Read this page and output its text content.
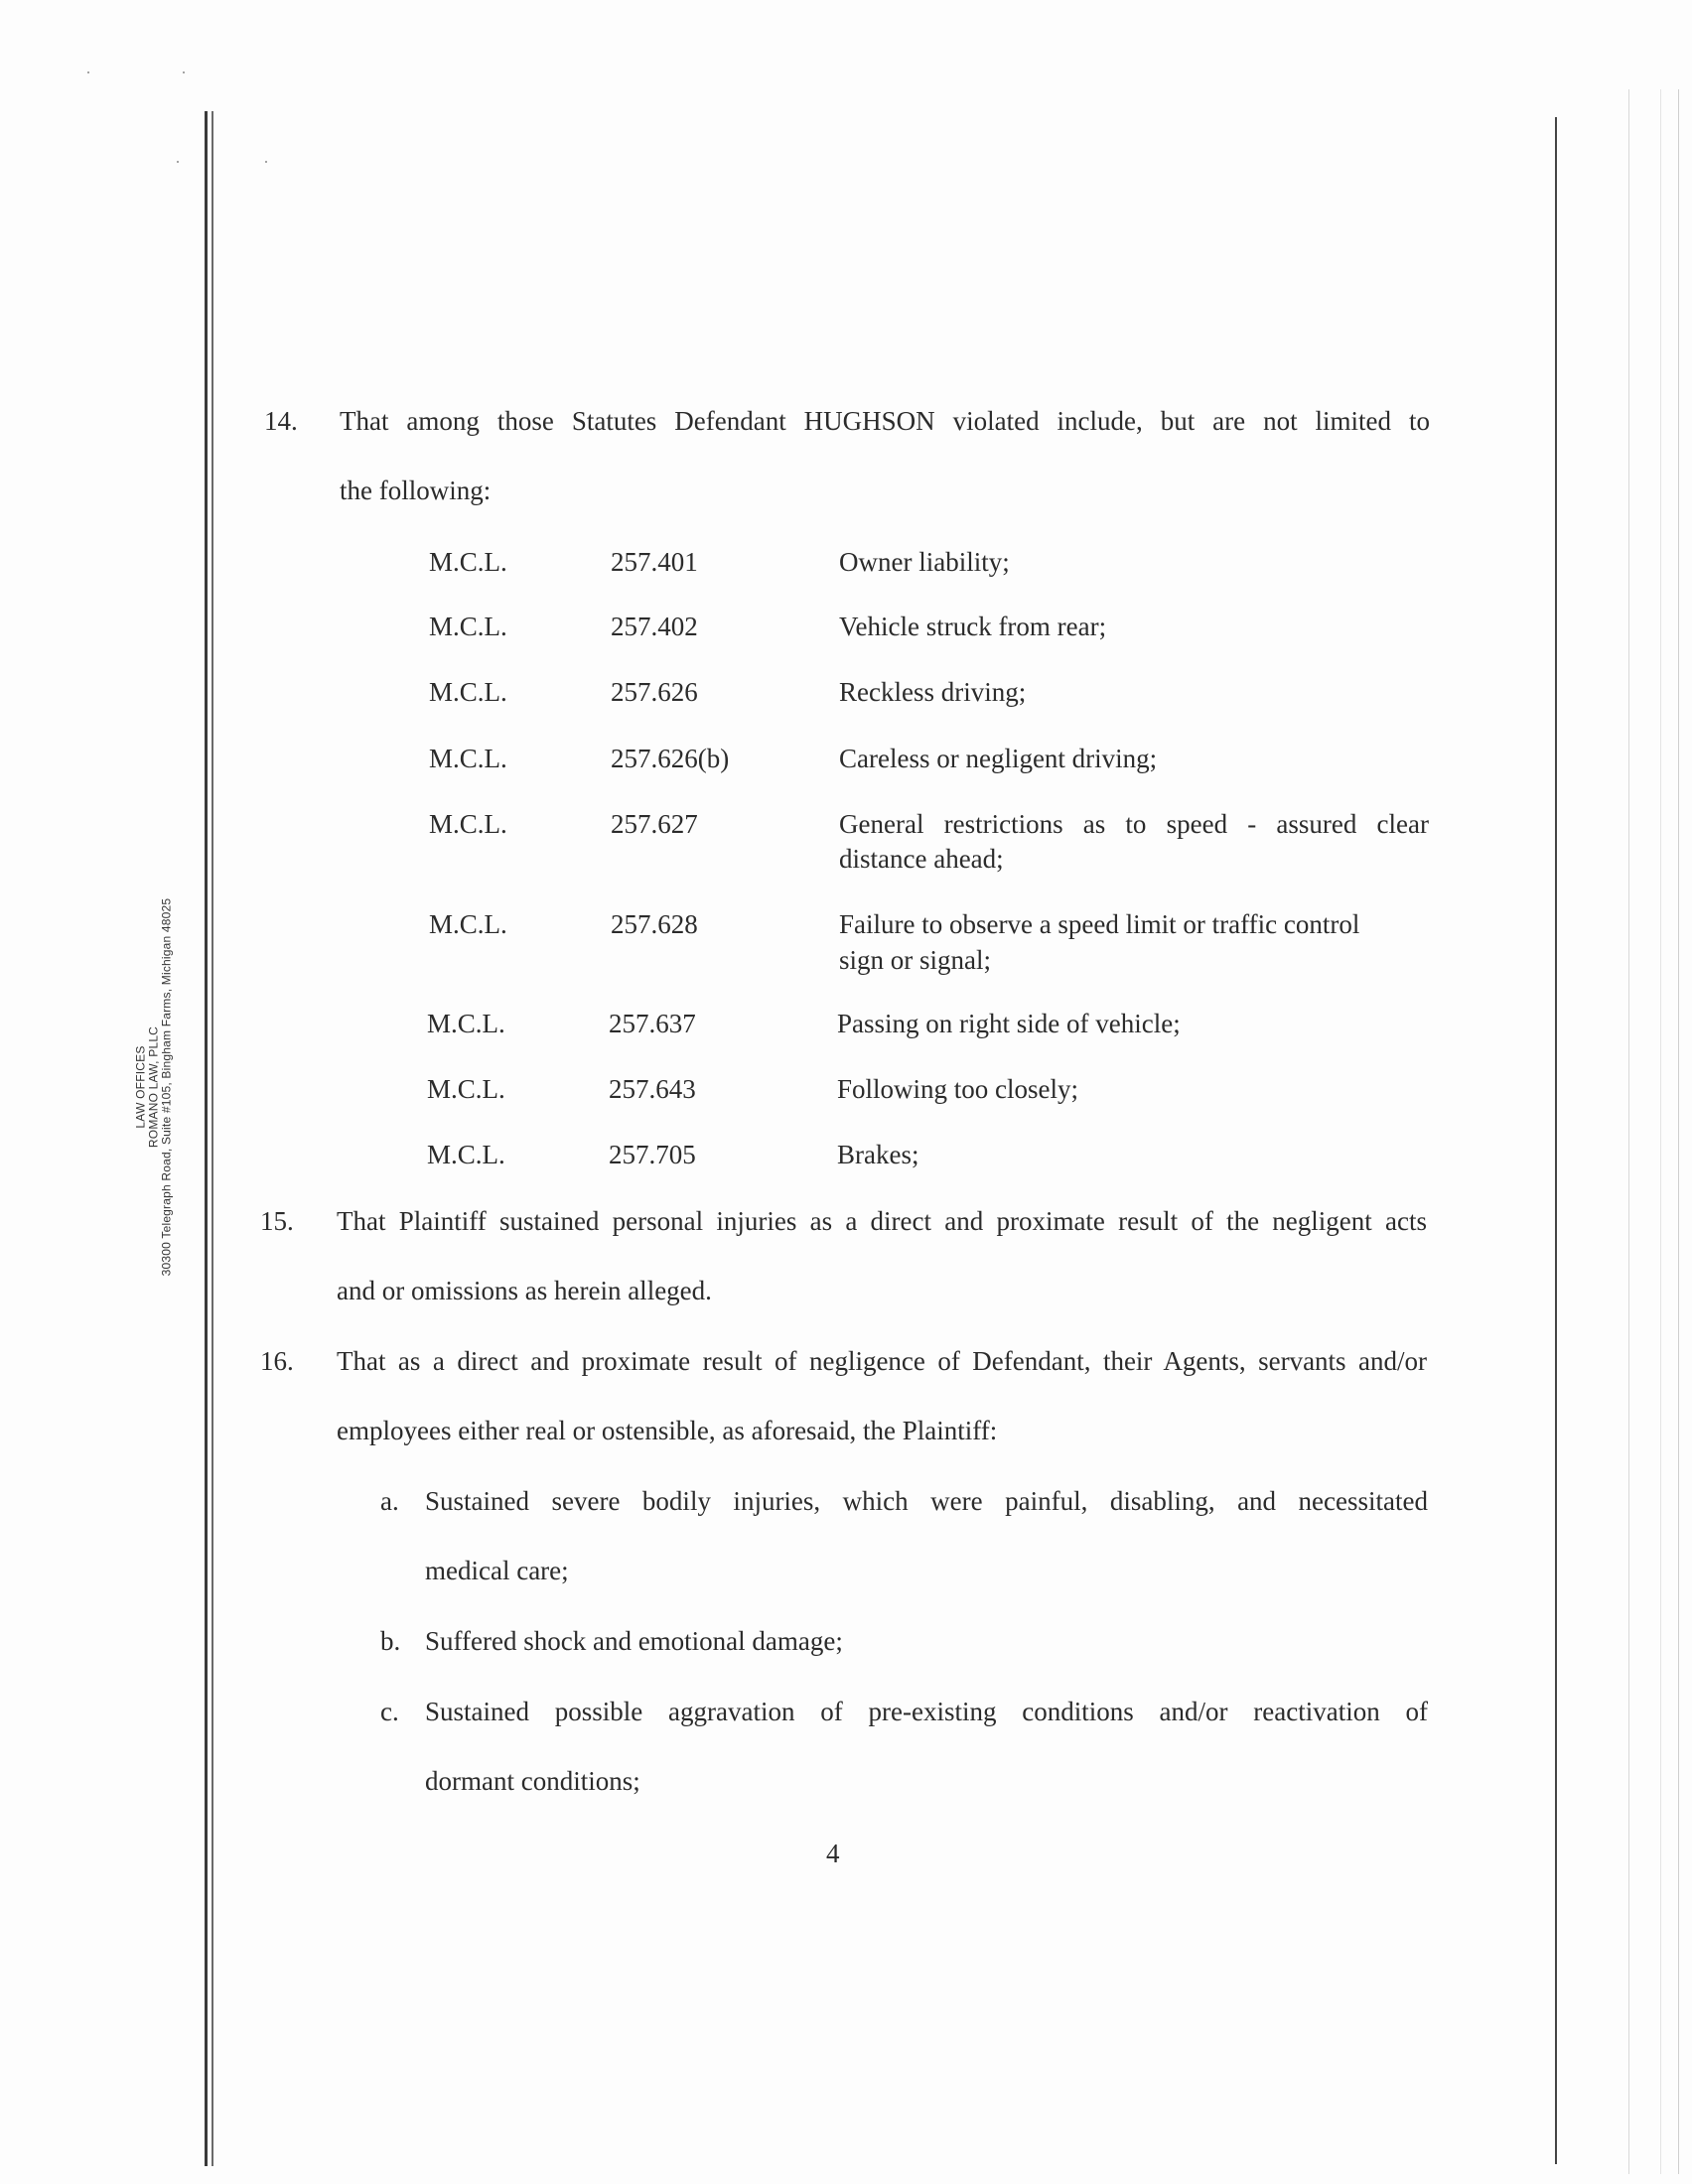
LAW OFFICES ROMANO LAW, PLLC 30300 Telegraph Road, Suite #105, Bingham Farms, Michigan 48025
14. That among those Statutes Defendant HUGHSON violated include, but are not limited to
the following:
M.C.L.	257.401	Owner liability;
M.C.L.	257.402	Vehicle struck from rear;
M.C.L.	257.626	Reckless driving;
M.C.L.	257.626(b)	Careless or negligent driving;
M.C.L.	257.627	General restrictions as to speed - assured clear
distance ahead;
M.C.L.	257.628	Failure to observe a speed limit or traffic control
sign or signal;
M.C.L.	257.637	Passing on right side of vehicle;
M.C.L.	257.643	Following too closely;
M.C.L.	257.705	Brakes;
15. That Plaintiff sustained personal injuries as a direct and proximate result of the negligent acts
and or omissions as herein alleged.
16. That as a direct and proximate result of negligence of Defendant, their Agents, servants and/or
employees either real or ostensible, as aforesaid, the Plaintiff:
a. Sustained severe bodily injuries, which were painful, disabling, and necessitated
medical care;
b. Suffered shock and emotional damage;
c. Sustained possible aggravation of pre-existing conditions and/or reactivation of
dormant conditions;
4
